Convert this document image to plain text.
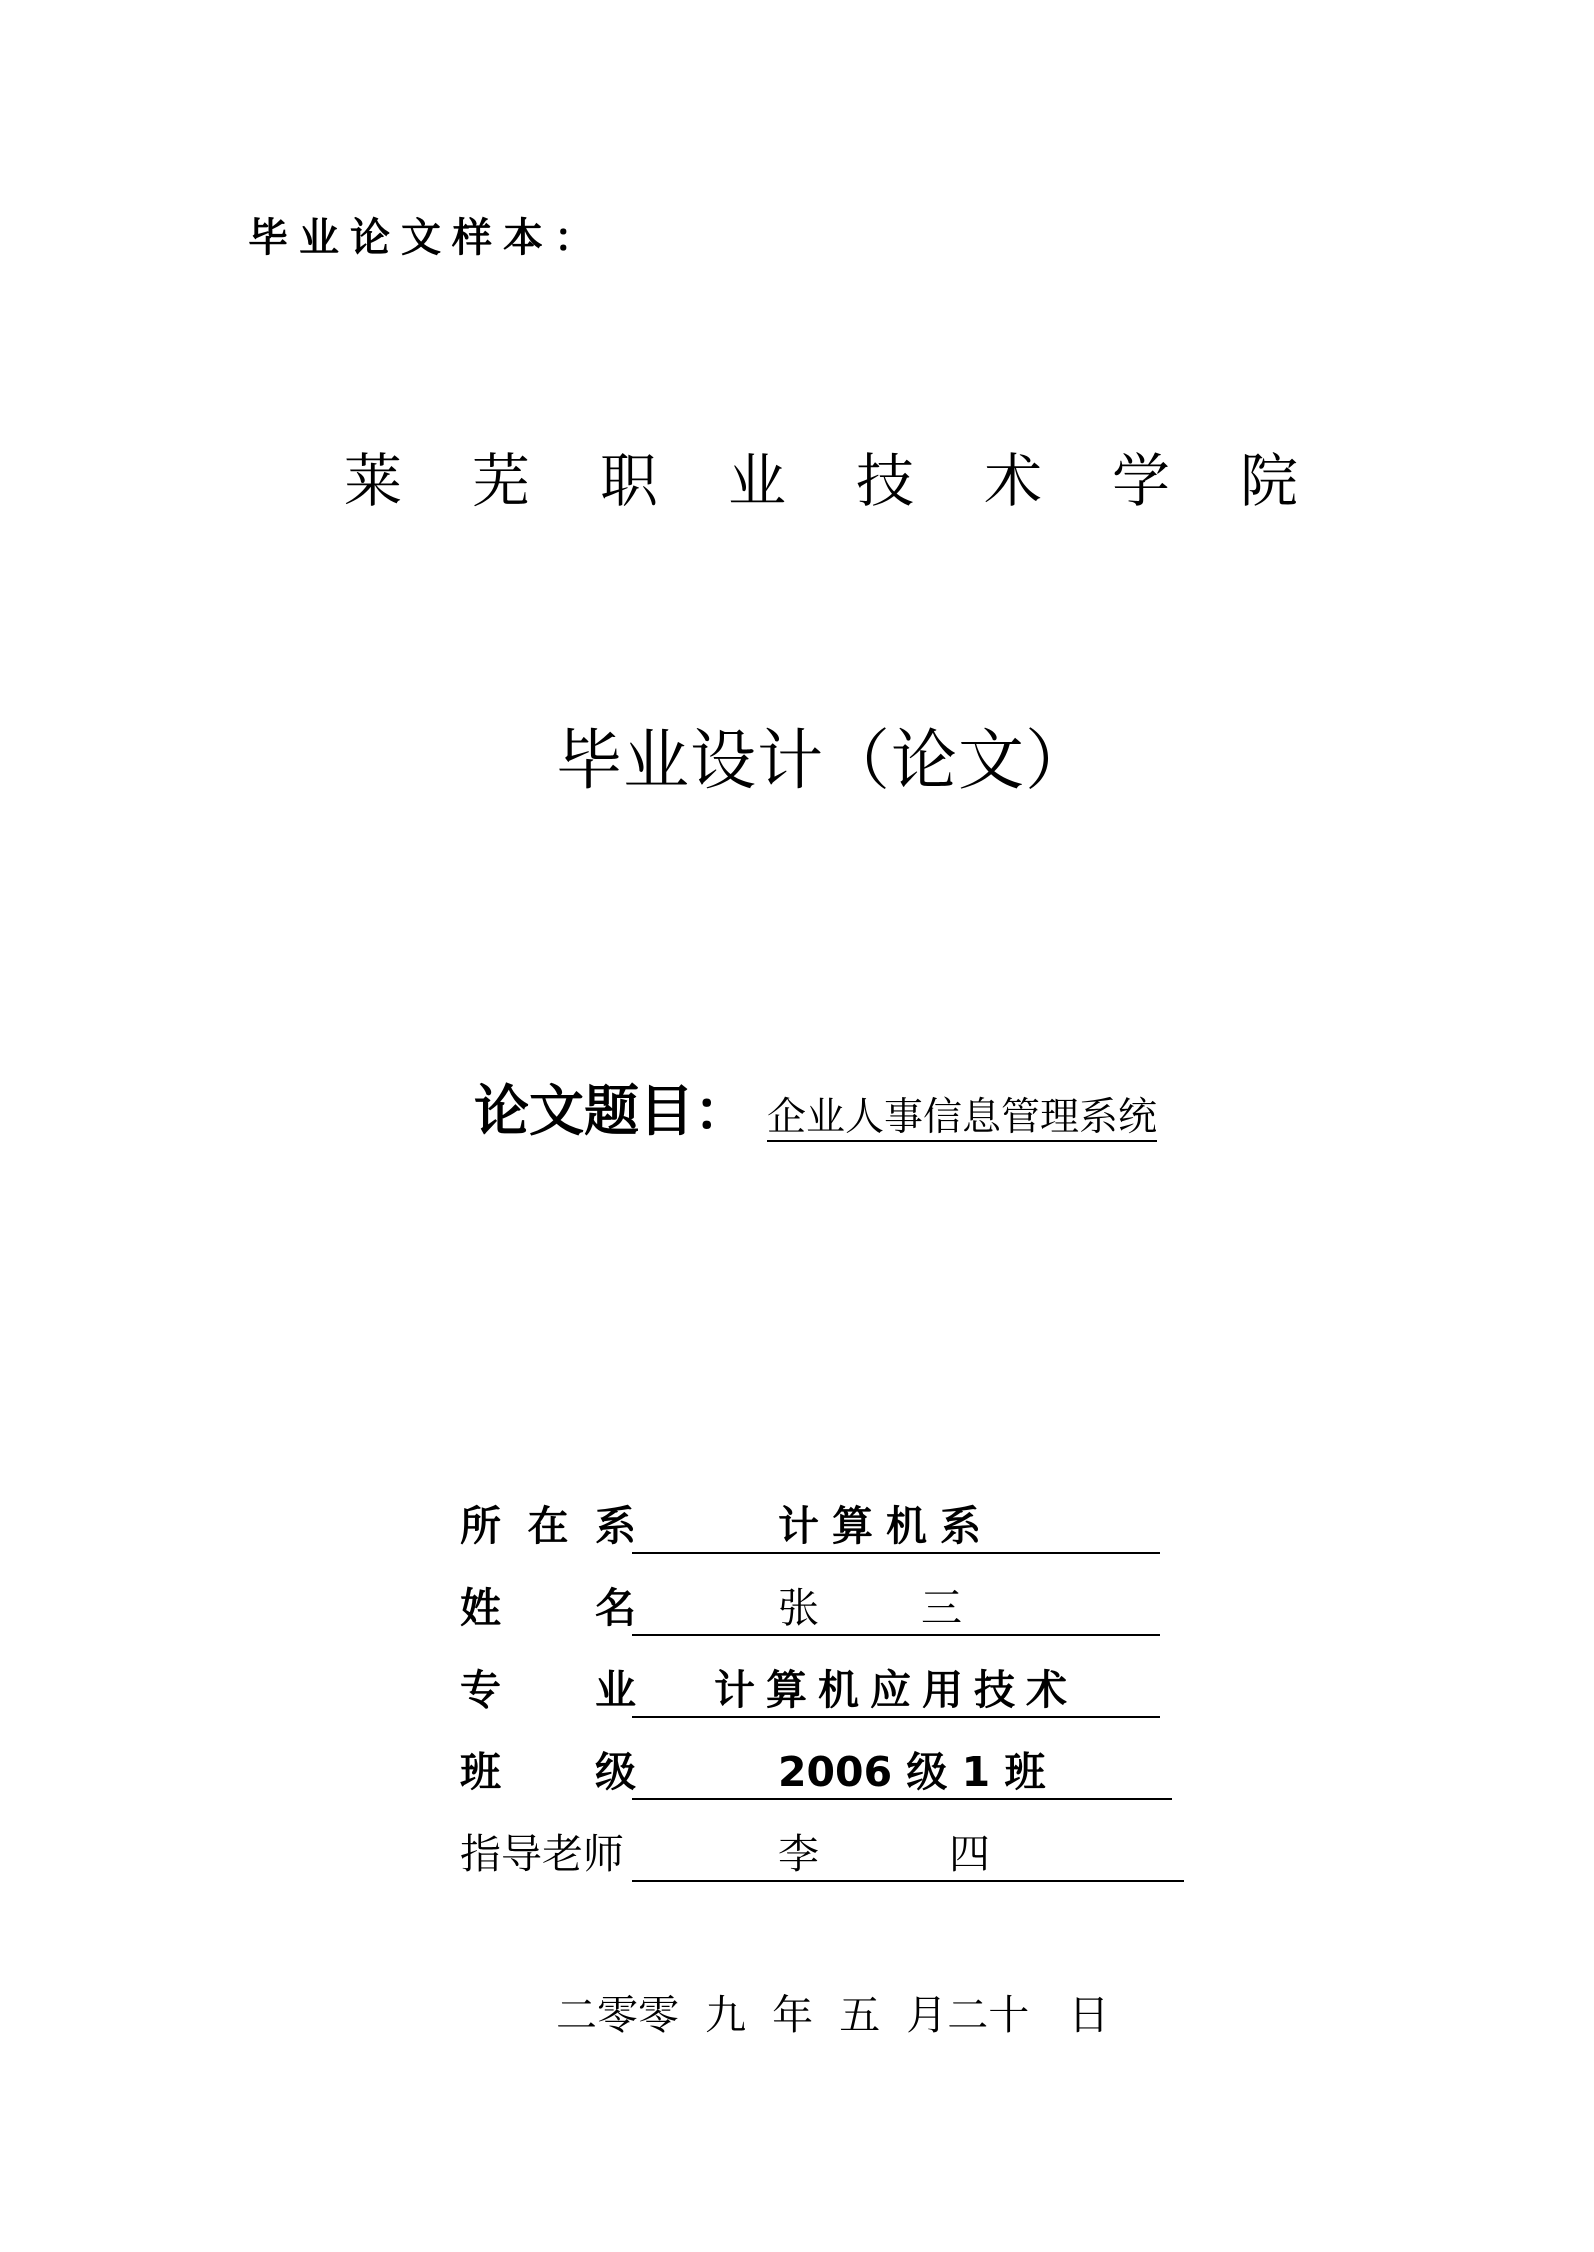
毕业论文样本：
莱 芜 职 业 技 术 学 院
毕业设计（论文）
论文题目： 企业人事信息管理系统
所 在 系	计算机系
姓 名	张 三
专 业 计算机应用技术
班 级	2006 级 1 班
指导老师	李	四
二零零  九  年  五  月二十   日
